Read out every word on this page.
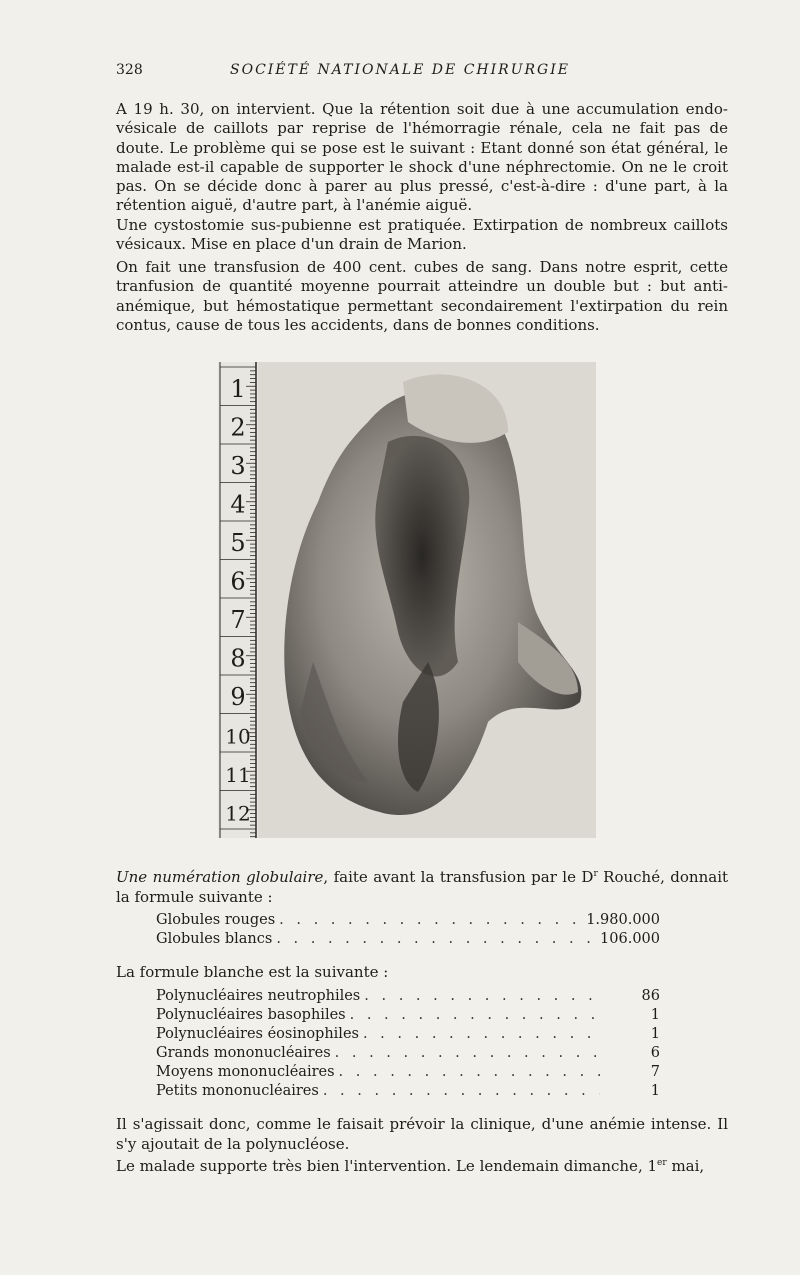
328	SOCIÉTÉ NATIONALE DE CHIRURGIE

A 19 h. 30, on intervient. Que la rétention soit due à une accumulation endo-vésicale de caillots par reprise de l'hémorragie rénale, cela ne fait pas de doute. Le problème qui se pose est le suivant : Etant donné son état général, le malade est-il capable de supporter le shock d'une néphrectomie. On ne le croit pas. On se décide donc à parer au plus pressé, c'est-à-dire : d'une part, à la rétention aiguë, d'autre part, à l'anémie aiguë.

Une cystostomie sus-pubienne est pratiquée. Extirpation de nombreux caillots vésicaux. Mise en place d'un drain de Marion.

On fait une transfusion de 400 cent. cubes de sang. Dans notre esprit, cette tranfusion de quantité moyenne pourrait atteindre un double but : but anti-anémique, but hémostatique permettant secondairement l'extirpation du rein contus, cause de tous les accidents, dans de bonnes conditions.

1
2
3
4
5
6
7
8
9
10
11
12

Une numération globulaire, faite avant la transfusion par le $D^r$ Rouché, donnait la formule suivante :

Globules rouges . . .	1.980.000
Globules blancs . . .	106.000
La formule blanche est la suivante :
Polynucléaires neutrophiles . . .	86
Polynucléaires basophiles . . .	1
Polynucléaires éosinophiles . . .	1
Grands mononucléaires . . .	6
Moyens mononucléaires . . .	7
Petits mononucléaires . . .	1

Il s'agissait donc, comme le faisait prévoir la clinique, d'une anémie intense. Il s'y ajoutait de la polynucléose.

Le malade supporte très bien l'intervention. Le lendemain dimanche, 1er mai,
